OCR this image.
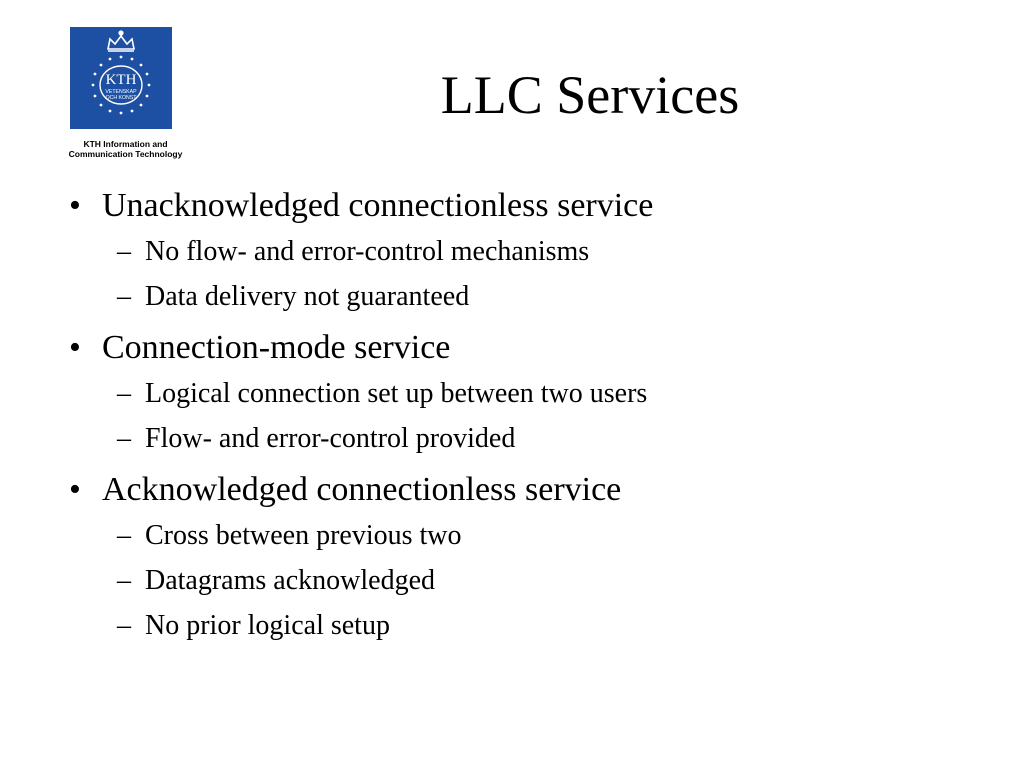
KTH
VETENSKAP
OCH KONST
KTH Information and
Communication Technology
LLC Services
• Unacknowledged connectionless service
– No flow- and error-control mechanisms
– Data delivery not guaranteed
• Connection-mode service
– Logical connection set up between two users
– Flow- and error-control provided
• Acknowledged connectionless service
– Cross between previous two
– Datagrams acknowledged
– No prior logical setup
